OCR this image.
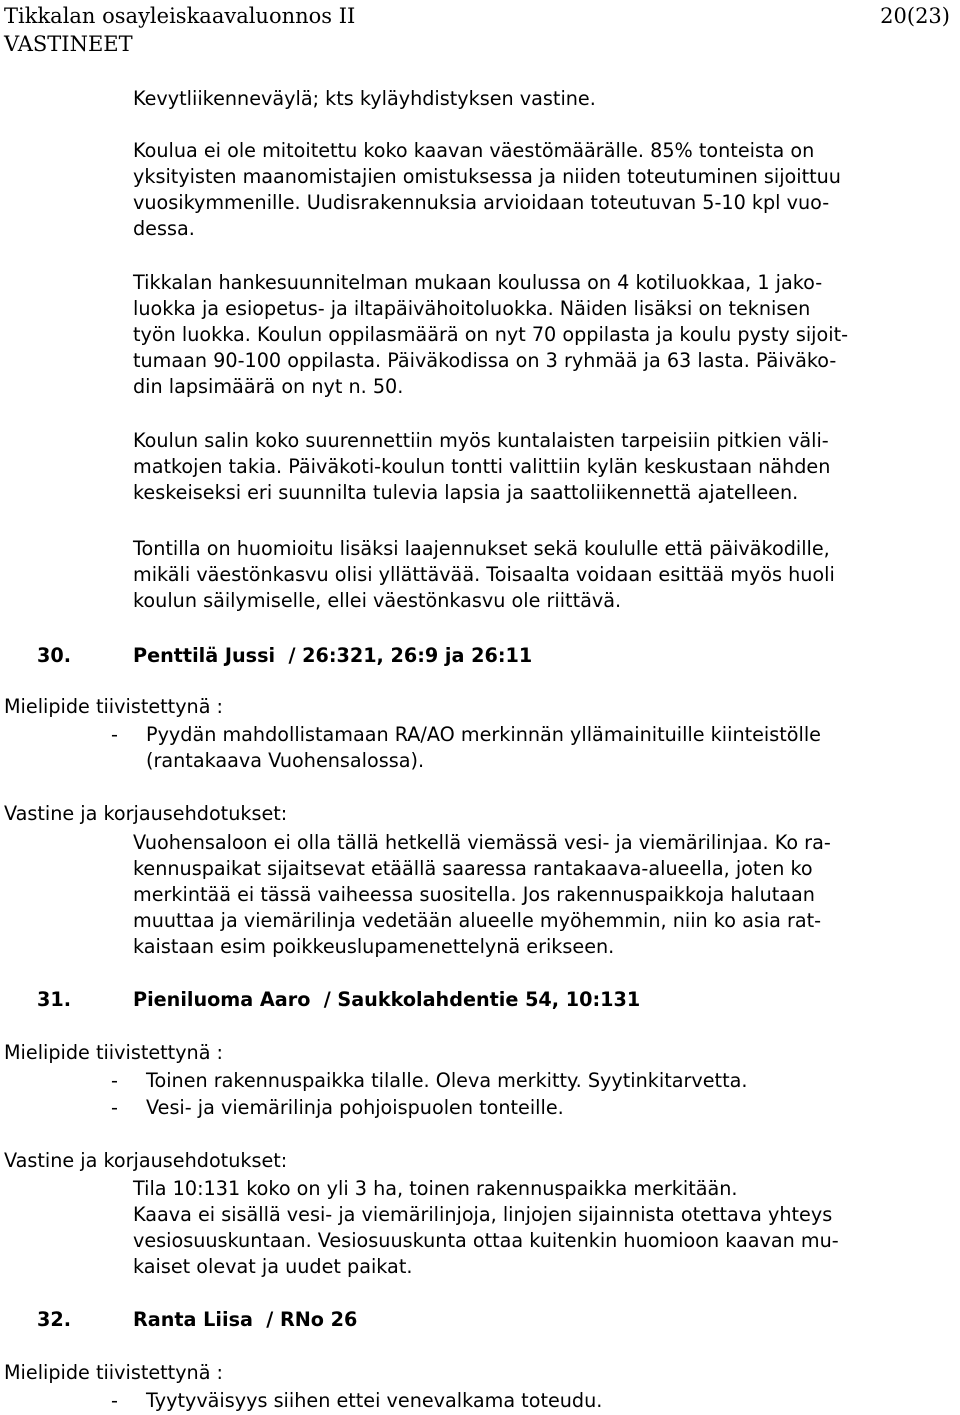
Tikkalan osayleiskaavaluonnos II
VASTINEET
20(23)
Kevytliikenneväylä; kts kyläyhdistyksen vastine.
Koulua ei ole mitoitettu koko kaavan väestömäärälle. 85% tonteista on
yksityisten maanomistajien omistuksessa ja niiden toteutuminen sijoittuu
vuosikymmenille. Uudisrakennuksia arvioidaan toteutuvan 5-10 kpl vuo-
dessa.
Tikkalan hankesuunnitelman mukaan koulussa on 4 kotiluokkaa, 1 jako-
luokka ja esiopetus- ja iltapäivähoitoluokka. Näiden lisäksi on teknisen
työn luokka. Koulun oppilasmäärä on nyt 70 oppilasta ja koulu pysty sijoit-
tumaan 90-100 oppilasta. Päiväkodissa on 3 ryhmää ja 63 lasta. Päiväko-
din lapsimäärä on nyt n. 50.
Koulun salin koko suurennettiin myös kuntalaisten tarpeisiin pitkien väli-
matkojen takia. Päiväkoti-koulun tontti valittiin kylän keskustaan nähden
keskeiseksi eri suunnilta tulevia lapsia ja saattoliikennettä ajatelleen.
Tontilla on huomioitu lisäksi laajennukset sekä koululle että päiväkodille,
mikäli väestönkasvu olisi yllättävää. Toisaalta voidaan esittää myös huoli
koulun säilymiselle, ellei väestönkasvu ole riittävä.
30.	Penttilä Jussi  / 26:321, 26:9 ja 26:11
Mielipide tiivistettynä :
- Pyydän mahdollistamaan RA/AO merkinnän yllämainituille kiinteistölle
(rantakaava Vuohensalossa).
Vastine ja korjausehdotukset:
Vuohensaloon ei olla tällä hetkellä viemässä vesi- ja viemärilinjaa. Ko ra-
kennuspaikat sijaitsevat etäällä saaressa rantakaava-alueella, joten ko
merkintää ei tässä vaiheessa suositella. Jos rakennuspaikkoja halutaan
muuttaa ja viemärilinja vedetään alueelle myöhemmin, niin ko asia rat-
kaistaan esim poikkeuslupamenettelynä erikseen.
31.	Pieniluoma Aaro  / Saukkolahdentie 54, 10:131
Mielipide tiivistettynä :
- Toinen rakennuspaikka tilalle. Oleva merkitty. Syytinkitarvetta.
- Vesi- ja viemärilinja pohjoispuolen tonteille.
Vastine ja korjausehdotukset:
Tila 10:131 koko on yli 3 ha, toinen rakennuspaikka merkitään.
Kaava ei sisällä vesi- ja viemärilinjoja, linjojen sijainnista otettava yhteys
vesiosuuskuntaan. Vesiosuuskunta ottaa kuitenkin huomioon kaavan mu-
kaiset olevat ja uudet paikat.
32.	Ranta Liisa  / RNo 26
Mielipide tiivistettynä :
- Tyytyväisyys siihen ettei venevalkama toteudu.
